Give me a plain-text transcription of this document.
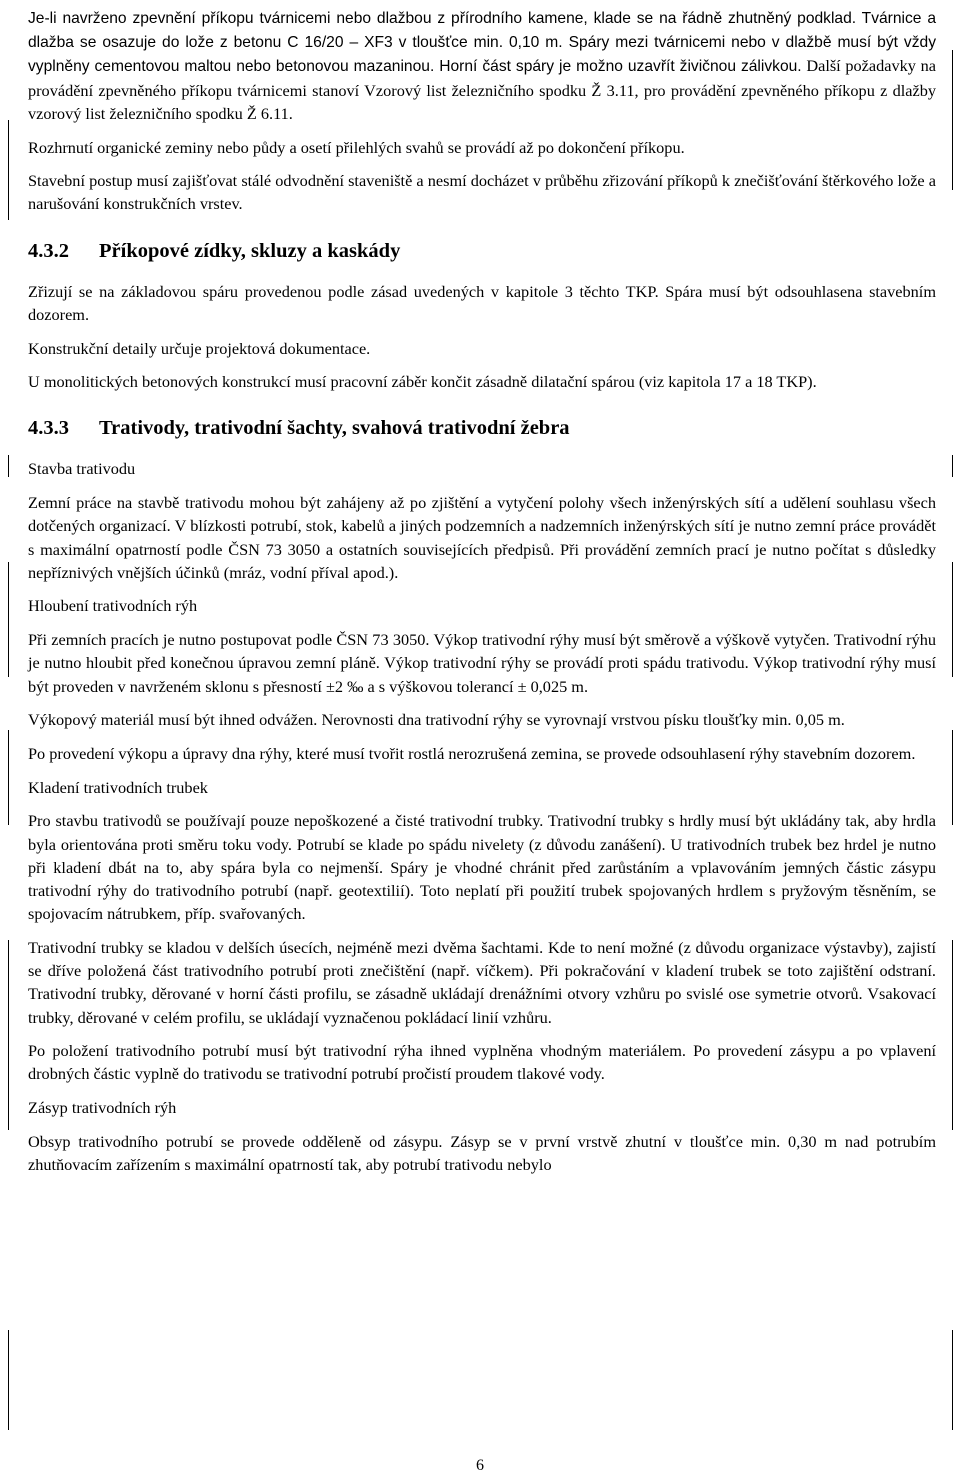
Je-li navrženo zpevnění příkopu tvárnicemi nebo dlažbou z přírodního kamene, klade se na řádně zhutněný podklad. Tvárnice a dlažba se osazuje do lože z betonu C 16/20 – XF3 v tloušťce min. 0,10 m. Spáry mezi tvárnicemi nebo v dlažbě musí být vždy vyplněny cementovou maltou nebo betonovou mazaninou. Horní část spáry je možno uzavřít živičnou zálivkou. Další požadavky na provádění zpevněného příkopu tvárnicemi stanoví Vzorový list železničního spodku Ž 3.11, pro provádění zpevněného příkopu z dlažby vzorový list železničního spodku Ž 6.11.

Rozhrnutí organické zeminy nebo půdy a osetí přilehlých svahů se provádí až po dokončení příkopu.

Stavební postup musí zajišťovat stálé odvodnění staveniště a nesmí docházet v průběhu zřizování příkopů k znečišťování štěrkového lože a narušování konstrukčních vrstev.

4.3.2	Příkopové zídky, skluzy a kaskády

Zřizují se na základovou spáru provedenou podle zásad uvedených v kapitole 3 těchto TKP. Spára musí být odsouhlasena stavebním dozorem.

Konstrukční detaily určuje projektová dokumentace.

U monolitických betonových konstrukcí musí pracovní záběr končit zásadně dilatační spárou (viz kapitola 17 a 18 TKP).

4.3.3	Trativody, trativodní šachty, svahová trativodní žebra

Stavba trativodu

Zemní práce na stavbě trativodu mohou být zahájeny až po zjištění a vytyčení polohy všech inženýrských sítí a udělení souhlasu všech dotčených organizací. V blízkosti potrubí, stok, kabelů a jiných podzemních a nadzemních inženýrských sítí je nutno zemní práce provádět s maximální opatrností podle ČSN 73 3050 a ostatních souvisejících předpisů. Při provádění zemních prací je nutno počítat s důsledky nepříznivých vnějších účinků (mráz, vodní příval apod.).

Hloubení trativodních rýh

Při zemních pracích je nutno postupovat podle ČSN 73 3050. Výkop trativodní rýhy musí být směrově a výškově vytyčen. Trativodní rýhu je nutno hloubit před konečnou úpravou zemní pláně. Výkop trativodní rýhy se provádí proti spádu trativodu. Výkop trativodní rýhy musí být proveden v navrženém sklonu s přesností ±2 ‰ a s výškovou tolerancí ± 0,025 m.

Výkopový materiál musí být ihned odvážen. Nerovnosti dna trativodní rýhy se vyrovnají vrstvou písku tloušťky min. 0,05 m.

Po provedení výkopu a úpravy dna rýhy, které musí tvořit rostlá nerozrušená zemina, se provede odsouhlasení rýhy stavebním dozorem.

Kladení trativodních trubek

Pro stavbu trativodů se používají pouze nepoškozené a čisté trativodní trubky. Trativodní trubky s hrdly musí být ukládány tak, aby hrdla byla orientována proti směru toku vody. Potrubí se klade po spádu nivelety (z důvodu zanášení). U trativodních trubek bez hrdel je nutno při kladení dbát na to, aby spára byla co nejmenší. Spáry je vhodné chránit před zarůstáním a vplavováním jemných částic zásypu trativodní rýhy do trativodního potrubí (např. geotextilií). Toto neplatí při použití trubek spojovaných hrdlem s pryžovým těsněním, se spojovacím nátrubkem, příp. svařovaných.

Trativodní trubky se kladou v delších úsecích, nejméně mezi dvěma šachtami. Kde to není možné (z důvodu organizace výstavby), zajistí se dříve položená část trativodního potrubí proti znečištění (např. víčkem). Při pokračování v kladení trubek se toto zajištění odstraní. Trativodní trubky, děrované v horní části profilu, se zásadně ukládají drenážními otvory vzhůru po svislé ose symetrie otvorů. Vsakovací trubky, děrované v celém profilu, se ukládají vyznačenou pokládací linií vzhůru.

Po položení trativodního potrubí musí být trativodní rýha ihned vyplněna vhodným materiálem. Po provedení zásypu a po vplavení drobných částic vyplně do trativodu se trativodní potrubí pročistí proudem tlakové vody.

Zásyp trativodních rýh

Obsyp trativodního potrubí se provede odděleně od zásypu. Zásyp se v první vrstvě zhutní v tloušťce min. 0,30 m nad potrubím zhutňovacím zařízením s maximální opatrností tak, aby potrubí trativodu nebylo

6
